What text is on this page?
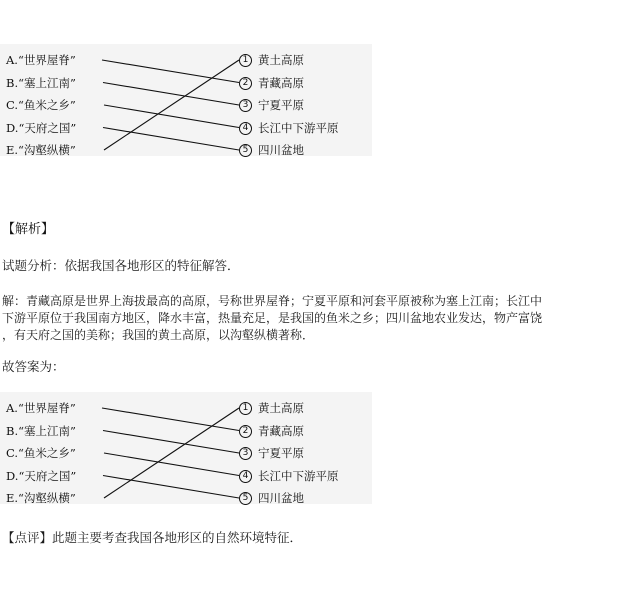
A.“世界屋脊”
B.“塞上江南”
C.“鱼米之乡”
D.“天府之国”
E.“沟壑纵横”
1 黄土高原
2 青藏高原
3 宁夏平原
4 长江中下游平原
5 四川盆地
【解析】
试题分析：依据我国各地形区的特征解答．
解：青藏高原是世界上海拔最高的高原，号称世界屋脊；宁夏平原和河套平原被称为塞上江南；长江中
下游平原位于我国南方地区，降水丰富，热量充足，是我国的鱼米之乡；四川盆地农业发达，物产富饶
，有天府之国的美称；我国的黄土高原，以沟壑纵横著称．
故答案为：
A.“世界屋脊”
B.“塞上江南”
C.“鱼米之乡”
D.“天府之国”
E.“沟壑纵横”
1 黄土高原
2 青藏高原
3 宁夏平原
4 长江中下游平原
5 四川盆地
【点评】此题主要考查我国各地形区的自然环境特征．
